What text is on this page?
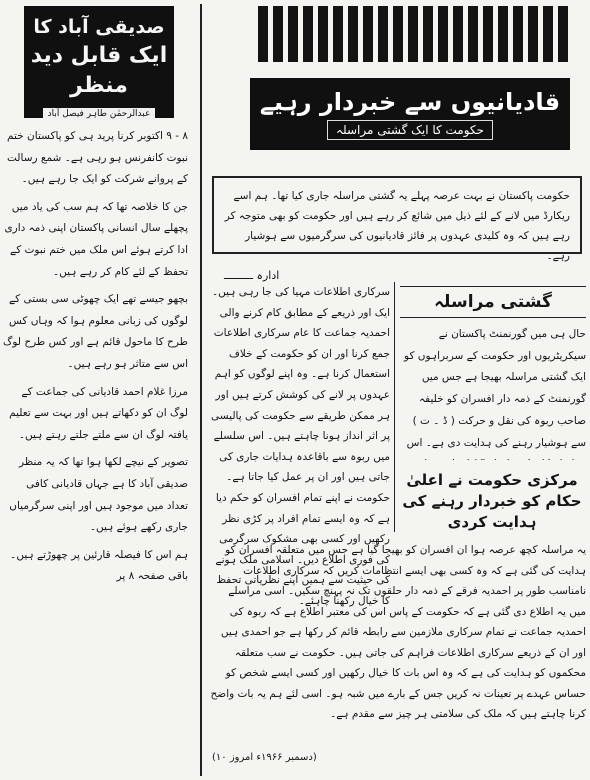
صدیقی آباد کا
ایک قابل دید منظر
عبدالرحمٰن طاہر فیصل آباد

۸ - ۹ اکتوبر کرنا پرید ہی کو پاکستان ختم نبوت کانفرنس ہو رہی ہے۔ شمع رسالت کے پروانے شرکت کو ایک جا رہے ہیں۔

جن کا خلاصہ تھا کہ ہم سب کی یاد میں پچھلے سال انسانی پاکستان اپنی ذمہ داری ادا کرتے ہوئے اس ملک میں ختم نبوت کے تحفظ کے لئے کام کر رہے ہیں۔

بچھو جیسے تھے ایک چھوٹی سی بستی کے لوگوں کی زبانی معلوم ہوا کہ وہاں کس طرح کا ماحول قائم ہے اور کس طرح لوگ اس سے متاثر ہو رہے ہیں۔

مرزا غلام احمد قادیانی کی جماعت کے لوگ ان کو دکھاتے ہیں اور بہت سے تعلیم یافتہ لوگ ان سے ملتے جلتے رہتے ہیں۔

تصویر کے نیچے لکھا ہوا تھا کہ یہ منظر صدیقی آباد کا ہے جہاں قادیانی کافی تعداد میں موجود ہیں اور اپنی سرگرمیاں جاری رکھے ہوئے ہیں۔

ہم اس کا فیصلہ قارئین پر چھوڑتے ہیں۔ باقی صفحہ ۸ پر

قادیانیوں سے خبردار رہیے
حکومت کا ایک گشتی مراسلہ
حکومت پاکستان نے بہت عرصہ پہلے یہ گشتی مراسلہ جاری کیا تھا۔ ہم اسے ریکارڈ میں لانے کے لئے ذیل میں شائع کر رہے ہیں اور حکومت کو بھی متوجہ کر رہے ہیں کہ وہ کلیدی عہدوں پر فائز قادیانیوں کی سرگرمیوں سے ہوشیار رہے۔
ادارہ ـــــــــ
سرکاری اطلاعات مہیا کی جا رہی ہیں۔ ایک اور ذریعے کے مطابق کام کرنے والی احمدیہ جماعت کا عام سرکاری اطلاعات جمع کرنا اور ان کو حکومت کے خلاف استعمال کرنا ہے۔ وہ اپنے لوگوں کو اہم عہدوں پر لانے کی کوشش کرتے ہیں اور ہر ممکن طریقے سے حکومت کی پالیسی پر اثر انداز ہونا چاہتے ہیں۔ اس سلسلے میں ربوہ سے باقاعدہ ہدایات جاری کی جاتی ہیں اور ان پر عمل کیا جاتا ہے۔ حکومت نے اپنے تمام افسران کو حکم دیا ہے کہ وہ ایسے تمام افراد پر کڑی نظر رکھیں اور کسی بھی مشکوک سرگرمی کی فوری اطلاع دیں۔ اسلامی ملک ہونے کی حیثیت سے ہمیں اپنے نظریاتی تحفظ کا خیال رکھنا چاہئے۔
گشتی مراسلہ
حال ہی میں گورنمنٹ پاکستان نے سیکریٹریوں اور حکومت کے سربراہوں کو ایک گشتی مراسلہ بھیجا ہے جس میں گورنمنٹ کے ذمہ دار افسران کو خلیفہ صاحب ربوہ کی نقل و حرکت ( ڈ ۔ ت ) سے ہوشیار رہنے کی ہدایت دی ہے۔ اس
مرکزی حکومت نے اعلیٰ حکام کو خبردار رہنے کی ہدایت کردی
یہ مراسلہ کچھ عرصہ ہوا ان افسران کو بھیجا گیا ہے جس میں متعلقہ افسران کو ہدایت کی گئی ہے کہ وہ کسی بھی ایسے انتظامات کریں کہ سرکاری اطلاعات نامناسب طور پر احمدیہ فرقے کے ذمہ دار حلقوں تک نہ پہنچ سکیں۔ اسی مراسلے میں یہ اطلاع دی گئی ہے کہ حکومت کے پاس اس کی معتبر اطلاع ہے کہ ربوہ کی احمدیہ جماعت نے تمام سرکاری ملازمین سے رابطہ قائم کر رکھا ہے جو احمدی ہیں اور ان کے ذریعے سرکاری اطلاعات فراہم کی جاتی ہیں۔ حکومت نے سب متعلقہ محکموں کو ہدایت کی ہے کہ وہ اس بات کا خیال رکھیں اور کسی ایسے شخص کو حساس عہدے پر تعینات نہ کریں جس کے بارے میں شبہ ہو۔ اسی لئے ہم یہ بات واضح کرنا چاہتے ہیں کہ ملک کی سلامتی ہر چیز سے مقدم ہے۔
(۱۰ دسمبر ۱۹۶۶ء امروز)
